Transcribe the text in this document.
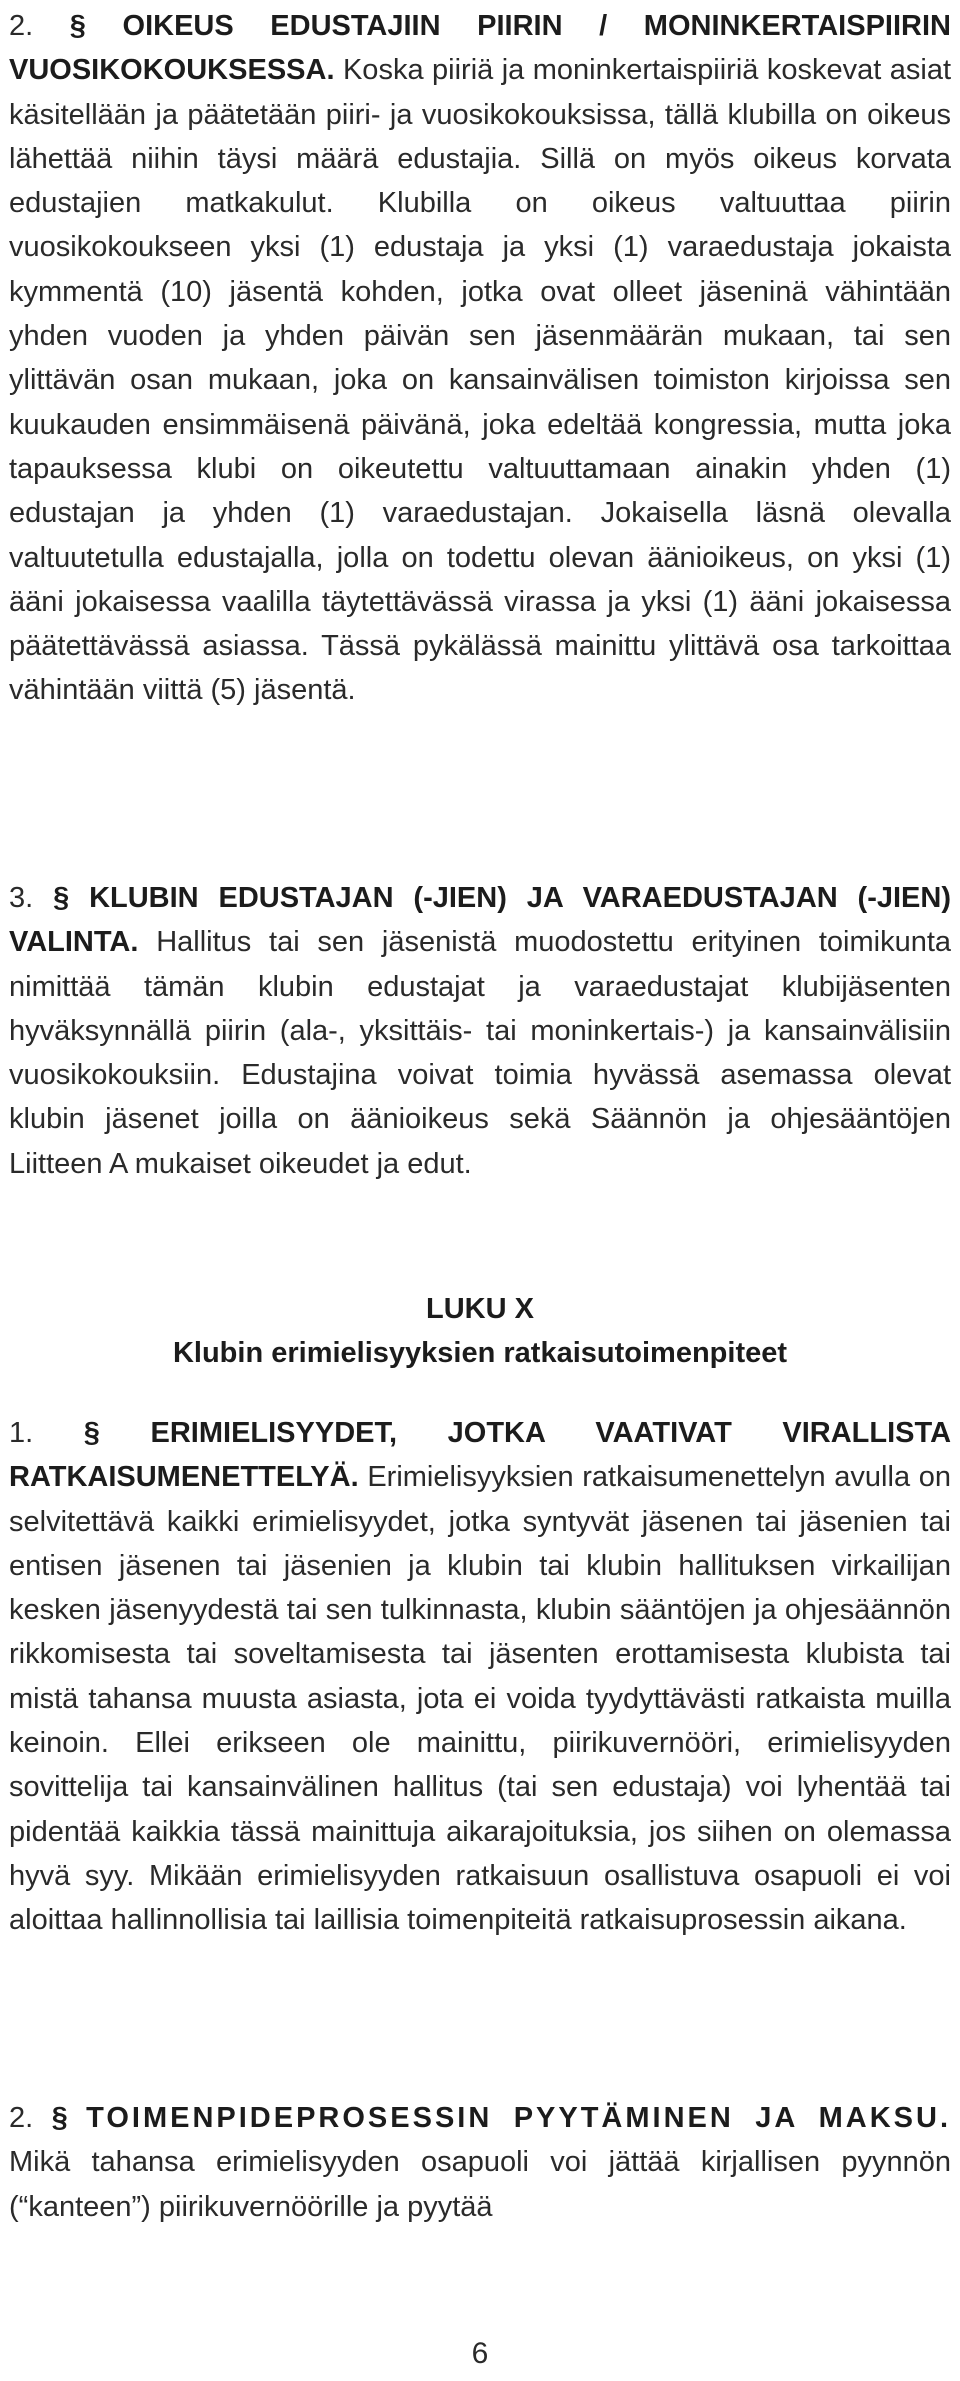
2. § OIKEUS EDUSTAJIIN PIIRIN / MONINKERTAISPIIRIN VUOSIKOKOUKSESSA. Koska piiriä ja moninkertaispiiriä koskevat asiat käsitellään ja päätetään piiri- ja vuosikokouksissa, tällä klubilla on oikeus lähettää niihin täysi määrä edustajia. Sillä on myös oikeus korvata edustajien matkakulut. Klubilla on oikeus valtuuttaa piirin vuosikokoukseen yksi (1) edustaja ja yksi (1) varaedustaja jokaista kymmentä (10) jäsentä kohden, jotka ovat olleet jäseninä vähintään yhden vuoden ja yhden päivän sen jäsenmäärän mukaan, tai sen ylittävän osan mukaan, joka on kansainvälisen toimiston kirjoissa sen kuukauden ensimmäisenä päivänä, joka edeltää kongressia, mutta joka tapauksessa klubi on oikeutettu valtuuttamaan ainakin yhden (1) edustajan ja yhden (1) varaedustajan. Jokaisella läsnä olevalla valtuutetulla edustajalla, jolla on todettu olevan äänioikeus, on yksi (1) ääni jokaisessa vaalilla täytettävässä virassa ja yksi (1) ääni jokaisessa päätettävässä asiassa. Tässä pykälässä mainittu ylittävä osa tarkoittaa vähintään viittä (5) jäsentä.

3. § KLUBIN EDUSTAJAN (-JIEN) JA VARAEDUSTAJAN (-JIEN) VALINTA. Hallitus tai sen jäsenistä muodostettu erityinen toimikunta nimittää tämän klubin edustajat ja varaedustajat klubijäsenten hyväksynnällä piirin (ala-, yksittäis- tai moninkertais-) ja kansainvälisiin vuosikokouksiin. Edustajina voivat toimia hyvässä asemassa olevat klubin jäsenet joilla on äänioikeus sekä Säännön ja ohjesääntöjen Liitteen A mukaiset oikeudet ja edut.

LUKU X
Klubin erimielisyyksien ratkaisutoimenpiteet

1. § ERIMIELISYYDET, JOTKA VAATIVAT VIRALLISTA RATKAISUMENETTELYÄ. Erimielisyyksien ratkaisumenettelyn avulla on selvitettävä kaikki erimielisyydet, jotka syntyvät jäsenen tai jäsenien tai entisen jäsenen tai jäsenien ja klubin tai klubin hallituksen virkailijan kesken jäsenyydestä tai sen tulkinnasta, klubin sääntöjen ja ohjesäännön rikkomisesta tai soveltamisesta tai jäsenten erottamisesta klubista tai mistä tahansa muusta asiasta, jota ei voida tyydyttävästi ratkaista muilla keinoin. Ellei erikseen ole mainittu, piirikuvernööri, erimielisyyden sovittelija tai kansainvälinen hallitus (tai sen edustaja) voi lyhentää tai pidentää kaikkia tässä mainittuja aikarajoituksia, jos siihen on olemassa hyvä syy. Mikään erimielisyyden ratkaisuun osallistuva osapuoli ei voi aloittaa hallinnollisia tai laillisia toimenpiteitä ratkaisuprosessin aikana.

2. § TOIMENPIDEPROSESSIN PYYTÄMINEN JA MAKSU. Mikä tahansa erimielisyyden osapuoli voi jättää kirjallisen pyynnön (“kanteen”) piirikuvernöörille ja pyytää

6
